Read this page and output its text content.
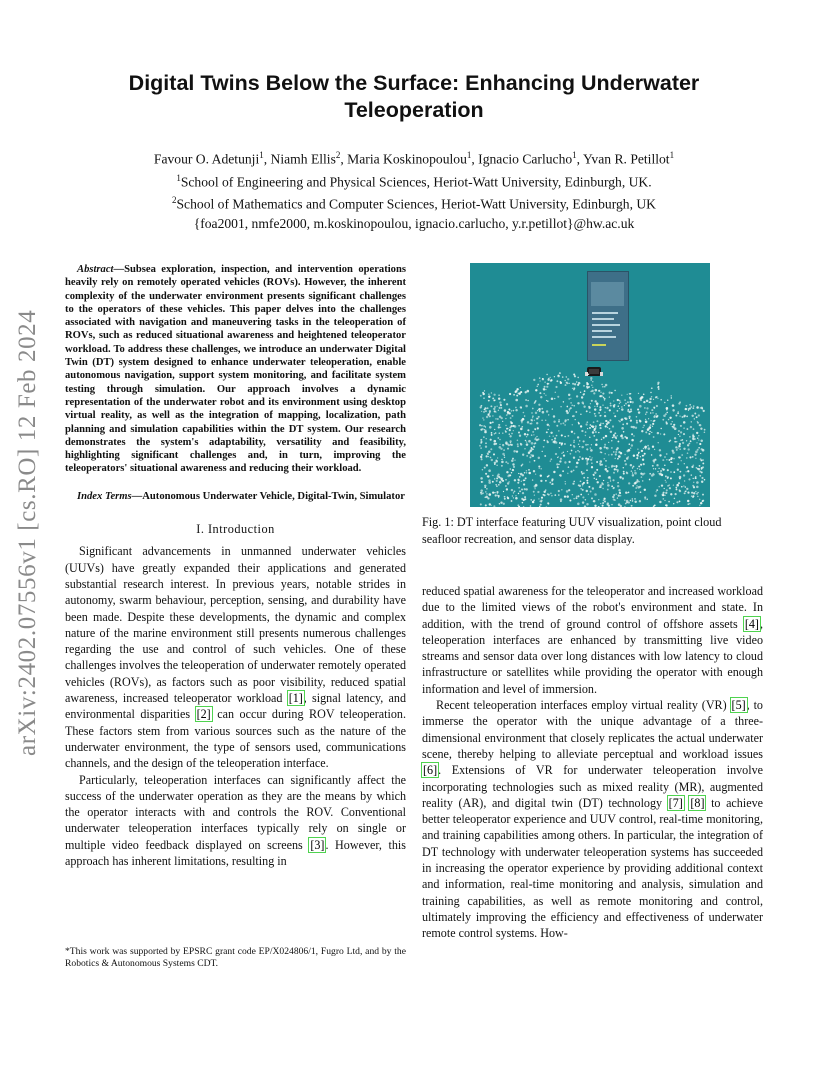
arXiv:2402.07556v1 [cs.RO] 12 Feb 2024
Digital Twins Below the Surface: Enhancing Underwater Teleoperation

Favour O. Adetunji$^1$, Niamh Ellis$^2$, Maria Koskinopoulou$^1$, Ignacio Carlucho$^1$, Yvan R. Petillot$^1$

$^1$School of Engineering and Physical Sciences, Heriot-Watt University, Edinburgh, UK.

$^2$School of Mathematics and Computer Sciences, Heriot-Watt University, Edinburgh, UK

{foa2001, nmfe2000, m.koskinopoulou, ignacio.carlucho, y.r.petillot}@hw.ac.uk

Abstract—Subsea exploration, inspection, and intervention operations heavily rely on remotely operated vehicles (ROVs). However, the inherent complexity of the underwater environment presents significant challenges to the operators of these vehicles. This paper delves into the challenges associated with navigation and maneuvering tasks in the teleoperation of ROVs, such as reduced situational awareness and heightened teleoperator workload. To address these challenges, we introduce an underwater Digital Twin (DT) system designed to enhance underwater teleoperation, enable autonomous navigation, support system monitoring, and facilitate system testing through simulation. Our approach involves a dynamic representation of the underwater robot and its environment using desktop virtual reality, as well as the integration of mapping, localization, path planning and simulation capabilities within the DT system. Our research demonstrates the system's adaptability, versatility and feasibility, highlighting significant challenges and, in turn, improving the teleoperators' situational awareness and reducing their workload.

Index Terms—Autonomous Underwater Vehicle, Digital-Twin, Simulator

I. Introduction

Significant advancements in unmanned underwater vehicles (UUVs) have greatly expanded their applications and generated substantial research interest. In previous years, notable strides in autonomy, swarm behaviour, perception, sensing, and durability have been made. Despite these developments, the dynamic and complex nature of the marine environment still presents numerous challenges regarding the use and control of such vehicles. One of these challenges involves the teleoperation of underwater remotely operated vehicles (ROVs), as factors such as poor visibility, reduced spatial awareness, increased teleoperator workload [1], signal latency, and environmental disparities [2] can occur during ROV teleoperation. These factors stem from various sources such as the nature of the underwater environment, the type of sensors used, communications channels, and the design of the teleoperation interface.

Particularly, teleoperation interfaces can significantly affect the success of the underwater operation as they are the means by which the operator interacts with and controls the ROV. Conventional underwater teleoperation interfaces typically rely on single or multiple video feedback displayed on screens [3]. However, this approach has inherent limitations, resulting in

*This work was supported by EPSRC grant code EP/X024806/1, Fugro Ltd, and by the Robotics & Autonomous Systems CDT.
Fig. 1: DT interface featuring UUV visualization, point cloud seafloor recreation, and sensor data display.

reduced spatial awareness for the teleoperator and increased workload due to the limited views of the robot's environment and state. In addition, with the trend of ground control of offshore assets [4], teleoperation interfaces are enhanced by transmitting live video streams and sensor data over long distances with low latency to cloud infrastructure or satellites while providing the operator with enough information and level of immersion.

Recent teleoperation interfaces employ virtual reality (VR) [5], to immerse the operator with the unique advantage of a three-dimensional environment that closely replicates the actual underwater scene, thereby helping to alleviate perceptual and workload issues [6]. Extensions of VR for underwater teleoperation involve incorporating technologies such as mixed reality (MR), augmented reality (AR), and digital twin (DT) technology [7] [8] to achieve better teleoperator experience and UUV control, real-time monitoring, and training capabilities among others. In particular, the integration of DT technology with underwater teleoperation systems has succeeded in increasing the operator experience by providing additional context and information, real-time monitoring and analysis, simulation and training capabilities, as well as remote monitoring and control, ultimately improving the efficiency and effectiveness of underwater remote control systems. How-
